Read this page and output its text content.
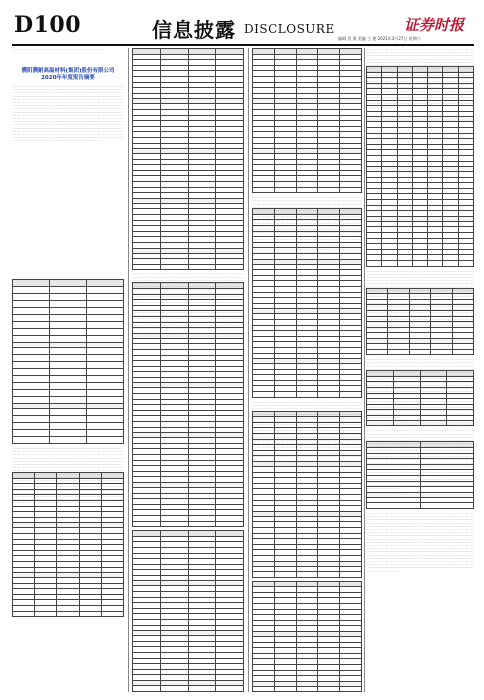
D100	信息披露 DISCLOSURE	证券时报
编辑 肖 勇 美编 王 艳 2021年3月27日 星期六
················································································································
濮阳濮耐高温材料(集团)股份有限公司
2020年年度报告摘要
································································································································································································································································································································································································································································································································································································································································································································································································································································································································································································································································································································································································································································································································································································································································································································································································································································································································································································································································································································································································································································································································································································································································································································································································································································································

································································································································································································································································································································································································································································································································································································································································································································································································································································································································································································································································································································································································································································································································································································································································································································································································································································································································································································································································································································································································································································································································································································································································································································································································································································································

································································································································································································································································································································································································································································································································································································································································································································································································································································································································································································································································································································································································································································································································································································································································································································································································································································································································································································································································································································································································································································································································································································································································································································································································································································································

································································································································································································································································································································································································································································································································································································································································································································································································································································································································································································································································································································································································································································································································································································································································································································································································································································································································································································································································································································································································································································································································································································································································································································································································································································································

································································································································································································································································································································································································································································································································································································································································································································································································································································································································································································································································································································································································································································································································································································································································································································································································································································································································································································································································································································································································································································································································································································································································································································································································································································································

································································································································································································································································································································································································································································································································································································································································································································································································································································································································································································································································································································································································································································································································································································································································································································································································································································································································································································································································································································································································································································································································································································································································································································································································································································································

································································································································································································································································································································································································································································································································································································································································································································································································································································································································································································································································································································································································································································································································································································································································································································································································································································································································································································································································································································································································································································································································································································································································································································································································································································································

································································································································································································································································································································································································································································································································································································································································································································································································································································································································································································································································································································································································································································································································································································································································································································································································································································································································································································································································································································································································································································································································································································································································································································································································································································································

································································································································································································································································································································································································································································································································································································································································································································································································································································································································································································································································································································································································································································································································································································································································································································································································································································································································································································································································································································································································································································································································································································································································································································································································································································································

································································································································································································································································································································································································································································································································································································································································································································································································································································································································································································································································································································································································································································································································································································································································································································································································································································································································································································································································································································································································································································································································································································································································································································································································································································································
